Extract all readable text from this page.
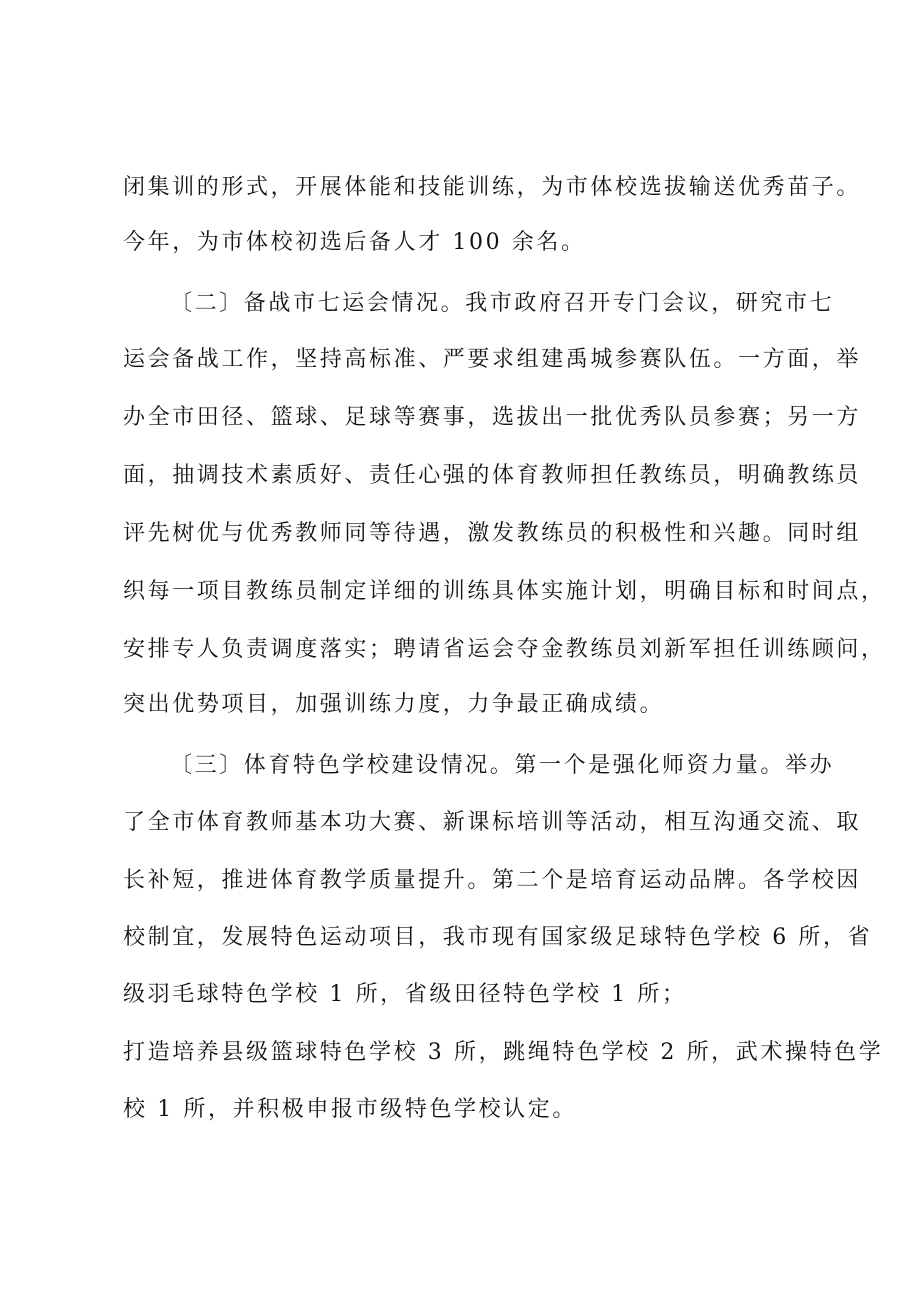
闭集训的形式，开展体能和技能训练，为市体校选拔输送优秀苗子。
今年，为市体校初选后备人才 100 余名。
〔二〕备战市七运会情况。我市政府召开专门会议，研究市七
运会备战工作，坚持高标准、严要求组建禹城参赛队伍。一方面，举
办全市田径、篮球、足球等赛事，选拔出一批优秀队员参赛；另一方
面，抽调技术素质好、责任心强的体育教师担任教练员，明确教练员
评先树优与优秀教师同等待遇，激发教练员的积极性和兴趣。同时组
织每一项目教练员制定详细的训练具体实施计划，明确目标和时间点，
安排专人负责调度落实；聘请省运会夺金教练员刘新军担任训练顾问，
突出优势项目，加强训练力度，力争最正确成绩。
〔三〕体育特色学校建设情况。第一个是强化师资力量。举办
了全市体育教师基本功大赛、新课标培训等活动，相互沟通交流、取
长补短，推进体育教学质量提升。第二个是培育运动品牌。各学校因
校制宜，发展特色运动项目，我市现有国家级足球特色学校 6 所，省
级羽毛球特色学校 1 所，省级田径特色学校 1 所；
打造培养县级篮球特色学校 3 所，跳绳特色学校 2 所，武术操特色学
校 1 所，并积极申报市级特色学校认定。
